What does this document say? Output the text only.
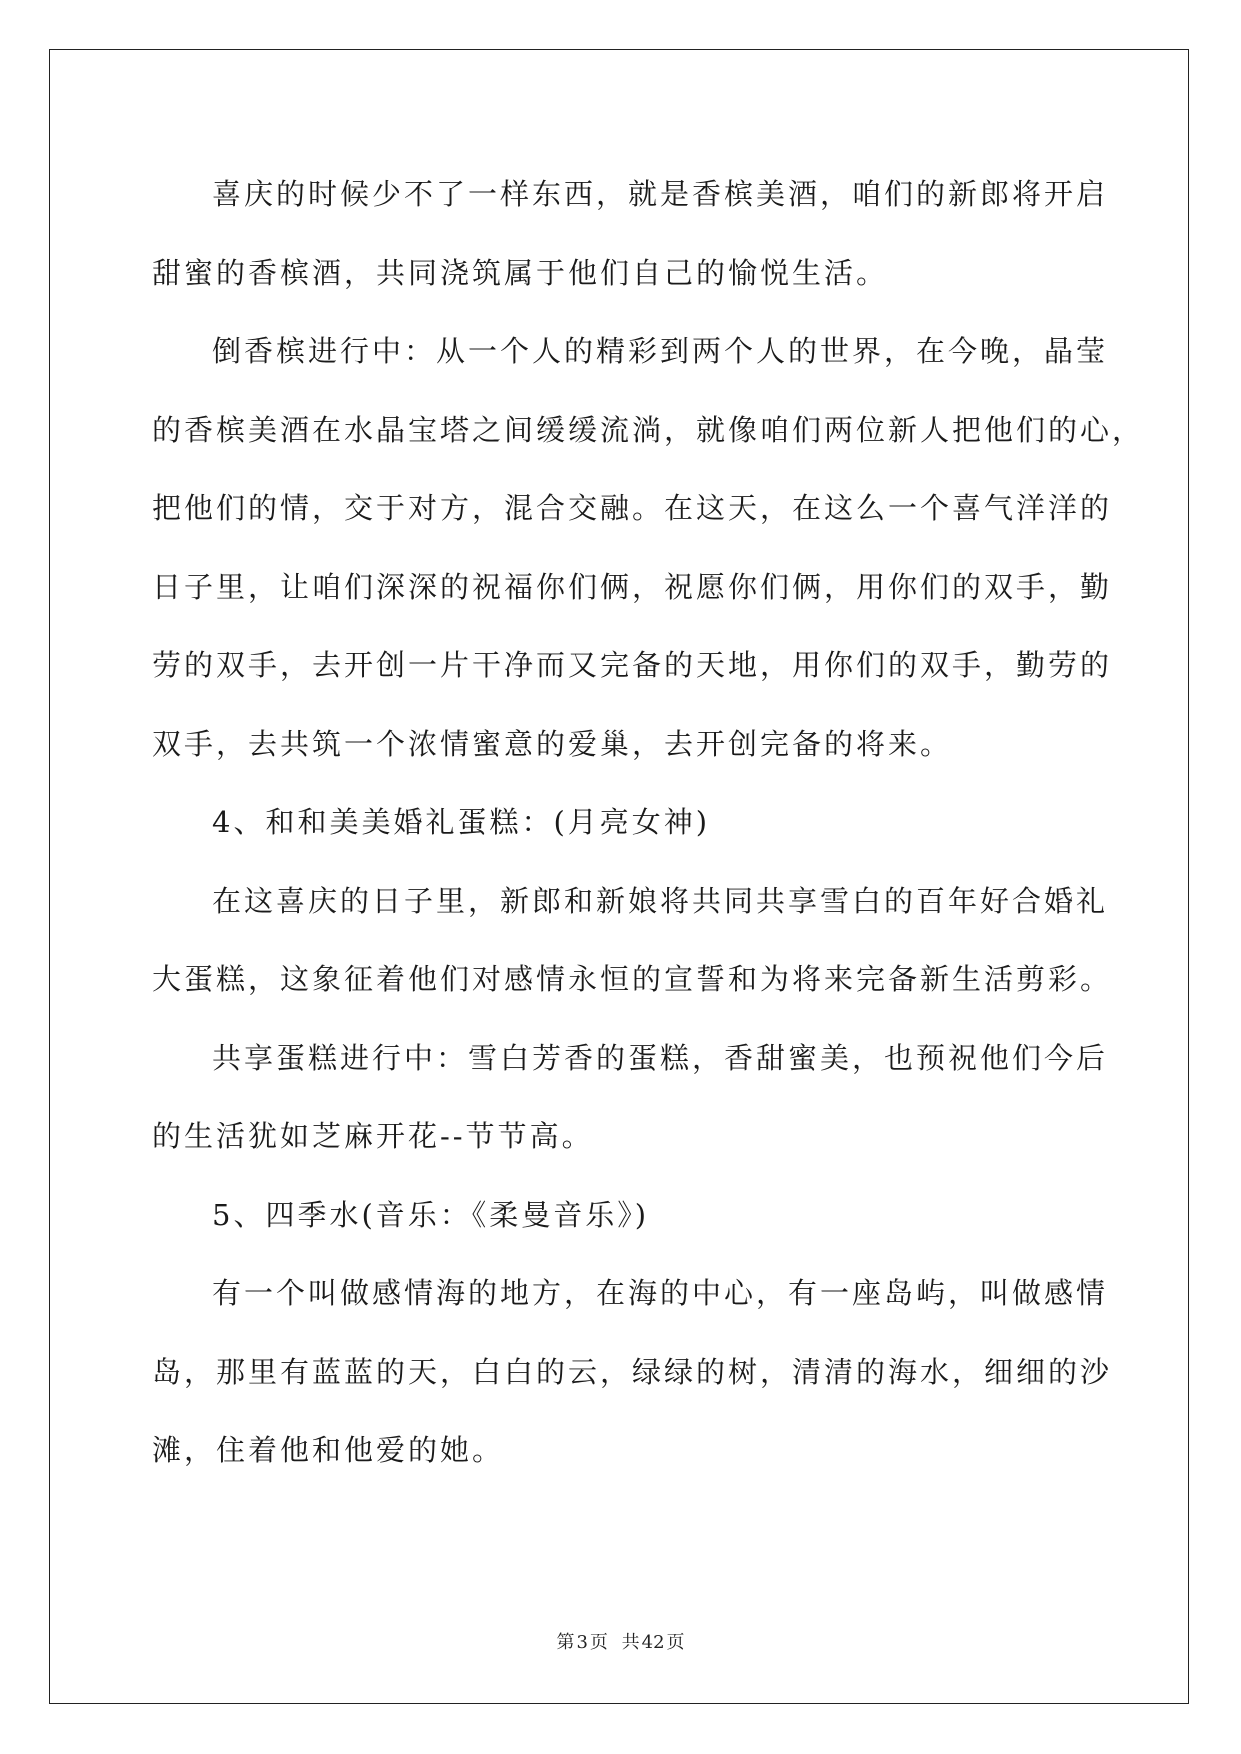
喜庆的时候少不了一样东西，就是香槟美酒，咱们的新郎将开启
甜蜜的香槟酒，共同浇筑属于他们自己的愉悦生活。
倒香槟进行中：从一个人的精彩到两个人的世界，在今晚，晶莹
的香槟美酒在水晶宝塔之间缓缓流淌，就像咱们两位新人把他们的心，
把他们的情，交于对方，混合交融。在这天，在这么一个喜气洋洋的
日子里，让咱们深深的祝福你们俩，祝愿你们俩，用你们的双手，勤
劳的双手，去开创一片干净而又完备的天地，用你们的双手，勤劳的
双手，去共筑一个浓情蜜意的爱巢，去开创完备的将来。
4、和和美美婚礼蛋糕：(月亮女神)
在这喜庆的日子里，新郎和新娘将共同共享雪白的百年好合婚礼
大蛋糕，这象征着他们对感情永恒的宣誓和为将来完备新生活剪彩。
共享蛋糕进行中：雪白芳香的蛋糕，香甜蜜美，也预祝他们今后
的生活犹如芝麻开花--节节高。
5、四季水(音乐：《柔曼音乐》)
有一个叫做感情海的地方，在海的中心，有一座岛屿，叫做感情
岛，那里有蓝蓝的天，白白的云，绿绿的树，清清的海水，细细的沙
滩，住着他和他爱的她。
第 3 页 共 42 页
